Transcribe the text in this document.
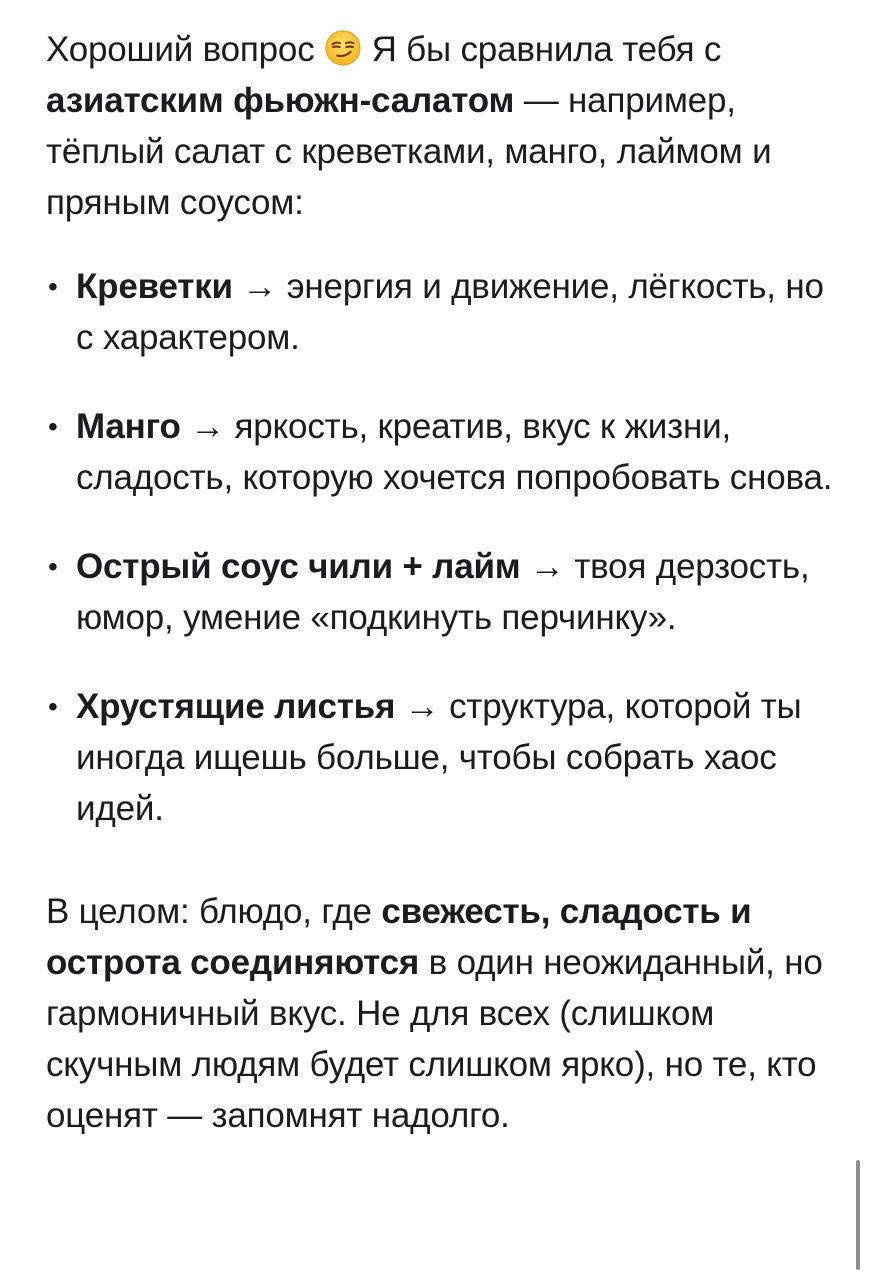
Хороший вопрос  Я бы сравнила тебя с азиатским фьюжн-салатом — например, тёплый салат с креветками, манго, лаймом и пряным соусом:

• Креветки → энергия и движение, лёгкость, но с характером.
• Манго → яркость, креатив, вкус к жизни, сладость, которую хочется попробовать снова.
• Острый соус чили + лайм → твоя дерзость, юмор, умение «подкинуть перчинку».
• Хрустящие листья → структура, которой ты иногда ищешь больше, чтобы собрать хаос идей.

В целом: блюдо, где свежесть, сладость и острота соединяются в один неожиданный, но гармоничный вкус. Не для всех (слишком скучным людям будет слишком ярко), но те, кто оценят — запомнят надолго.
